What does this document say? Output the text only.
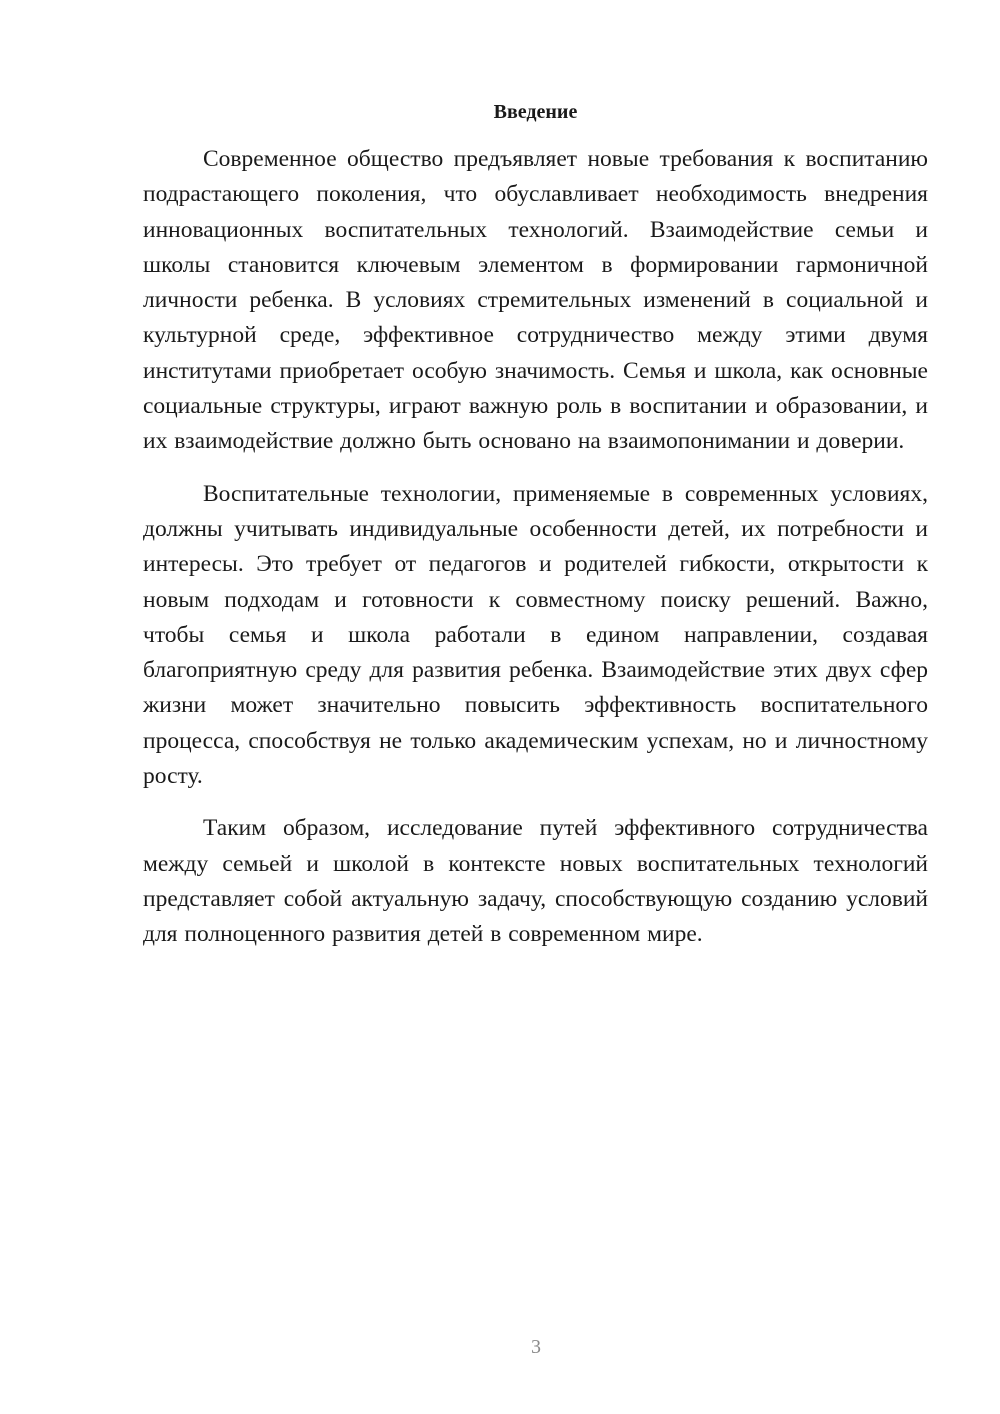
Введение

Современное общество предъявляет новые требования к воспитанию подрастающего поколения, что обуславливает необходимость внедрения инновационных воспитательных технологий. Взаимодействие семьи и школы становится ключевым элементом в формировании гармоничной личности ребенка. В условиях стремительных изменений в социальной и культурной среде, эффективное сотрудничество между этими двумя институтами приобретает особую значимость. Семья и школа, как основные социальные структуры, играют важную роль в воспитании и образовании, и их взаимодействие должно быть основано на взаимопонимании и доверии.

Воспитательные технологии, применяемые в современных условиях, должны учитывать индивидуальные особенности детей, их потребности и интересы. Это требует от педагогов и родителей гибкости, открытости к новым подходам и готовности к совместному поиску решений. Важно, чтобы семья и школа работали в едином направлении, создавая благоприятную среду для развития ребенка. Взаимодействие этих двух сфер жизни может значительно повысить эффективность воспитательного процесса, способствуя не только академическим успехам, но и личностному росту.

Таким образом, исследование путей эффективного сотрудничества между семьей и школой в контексте новых воспитательных технологий представляет собой актуальную задачу, способствующую созданию условий для полноценного развития детей в современном мире.

3
